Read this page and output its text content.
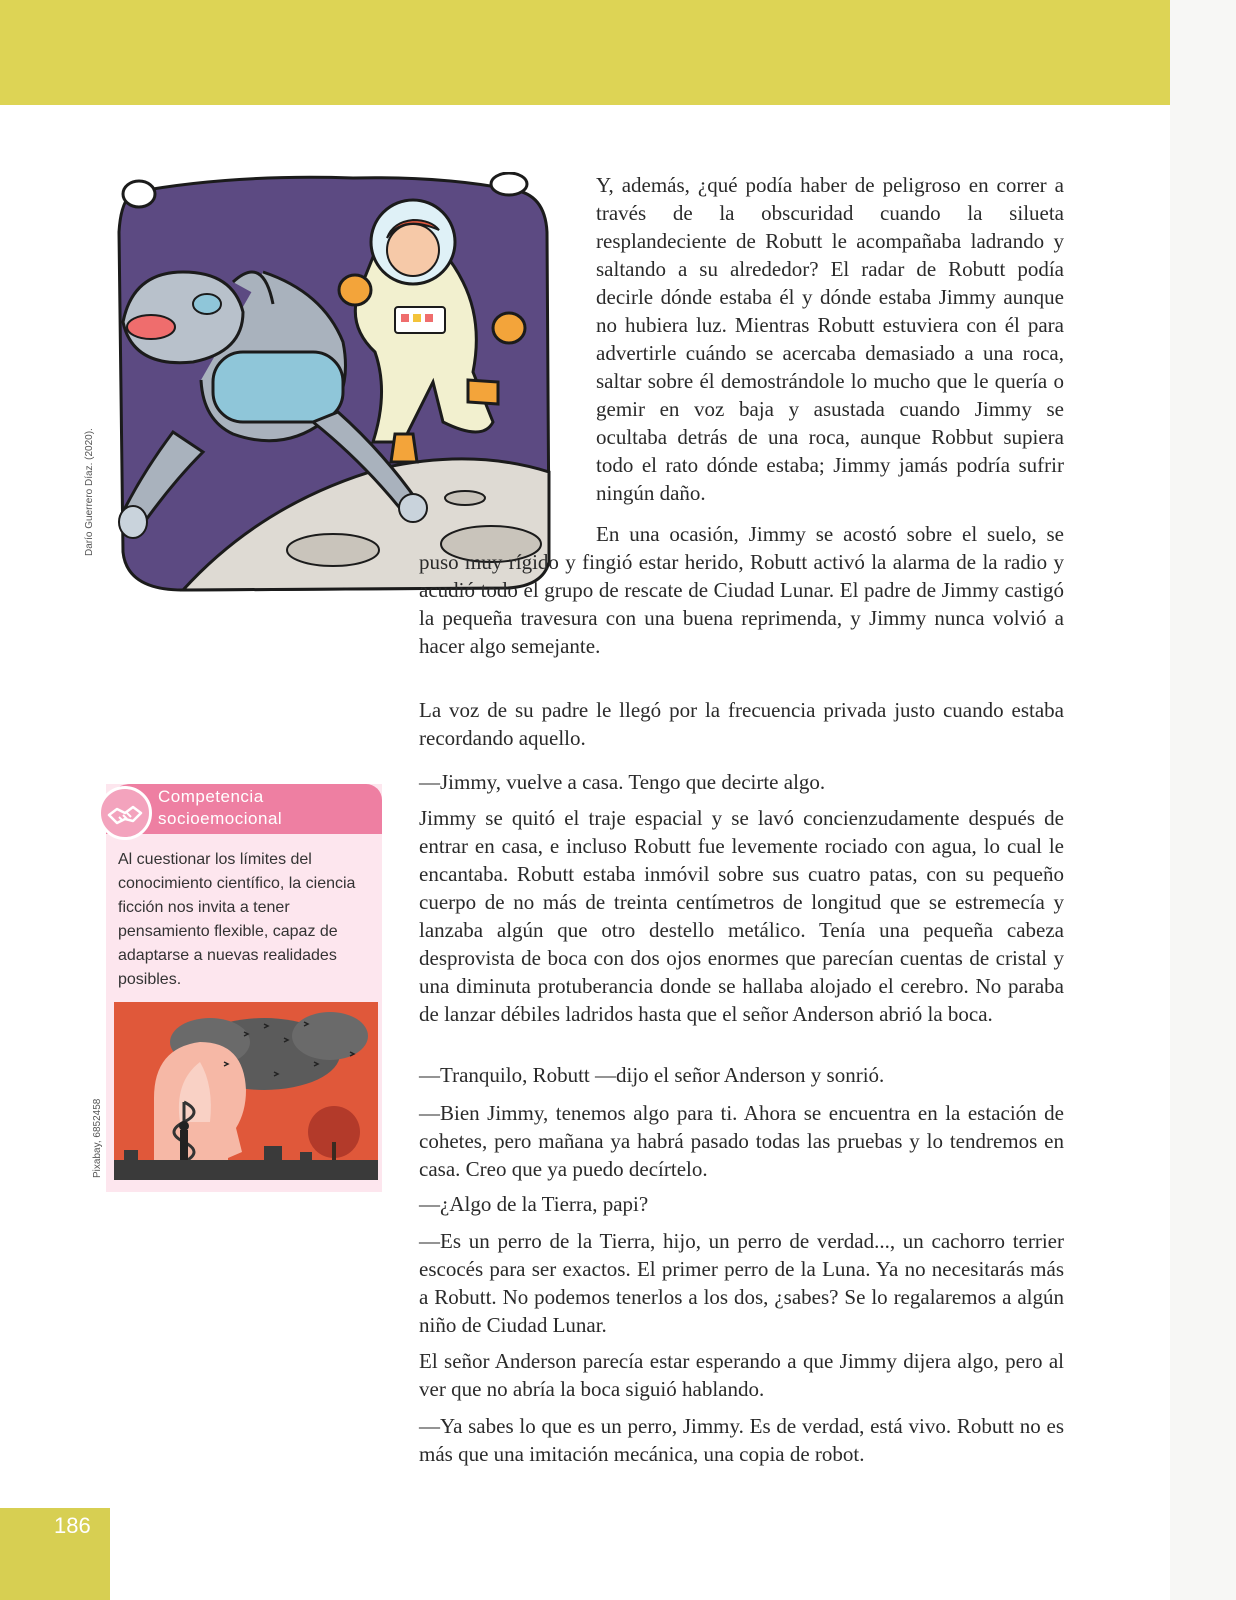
Darío Guerrero Díaz. (2020).

Y, además, ¿qué podía haber de peligroso en correr a través de la obscuridad cuando la silueta resplandeciente de Robutt le acompañaba ladrando y saltando a su alrededor? El radar de Robutt podía decirle dónde estaba él y dónde estaba Jimmy aunque no hubiera luz. Mientras Robutt estuviera con él para advertirle cuándo se acercaba demasiado a una roca, saltar sobre él demostrándole lo mucho que le quería o gemir en voz baja y asustada cuando Jimmy se ocultaba detrás de una roca, aunque Robbut supiera todo el rato dónde estaba; Jimmy jamás podría sufrir ningún daño.

En una ocasión, Jimmy se acostó sobre el suelo, se puso muy rígido y fingió estar herido, Robutt activó la alarma de la radio y acudió todo el grupo de rescate de Ciudad Lunar. El padre de Jimmy castigó la pequeña travesura con una buena reprimenda, y Jimmy nunca volvió a hacer algo semejante.

La voz de su padre le llegó por la frecuencia privada justo cuando estaba recordando aquello.

—Jimmy, vuelve a casa. Tengo que decirte algo.

Jimmy se quitó el traje espacial y se lavó concienzudamente después de entrar en casa, e incluso Robutt fue levemente rociado con agua, lo cual le encantaba. Robutt estaba inmóvil sobre sus cuatro patas, con su pequeño cuerpo de no más de treinta centímetros de longitud que se estremecía y lanzaba algún que otro destello metálico. Tenía una pequeña cabeza desprovista de boca con dos ojos enormes que parecían cuentas de cristal y una diminuta protuberancia donde se hallaba alojado el cerebro. No paraba de lanzar débiles ladridos hasta que el señor Anderson abrió la boca.

—Tranquilo, Robutt —dijo el señor Anderson y sonrió.

—Bien Jimmy, tenemos algo para ti. Ahora se encuentra en la estación de cohetes, pero mañana ya habrá pasado todas las pruebas y lo tendremos en casa. Creo que ya puedo decírtelo.

—¿Algo de la Tierra, papi?

—Es un perro de la Tierra, hijo, un perro de verdad..., un cachorro terrier escocés para ser exactos. El primer perro de la Luna. Ya no necesitarás más a Robutt. No podemos tenerlos a los dos, ¿sabes? Se lo regalaremos a algún niño de Ciudad Lunar.

El señor Anderson parecía estar esperando a que Jimmy dijera algo, pero al ver que no abría la boca siguió hablando.

—Ya sabes lo que es un perro, Jimmy. Es de verdad, está vivo. Robutt no es más que una imitación mecánica, una copia de robot.

Competencia
socioemocional

Al cuestionar los límites del conocimiento científico, la ciencia ficción nos invita a tener pensamiento flexible, capaz de adaptarse a nuevas realidades posibles.

Pixabay, 6852458
186
